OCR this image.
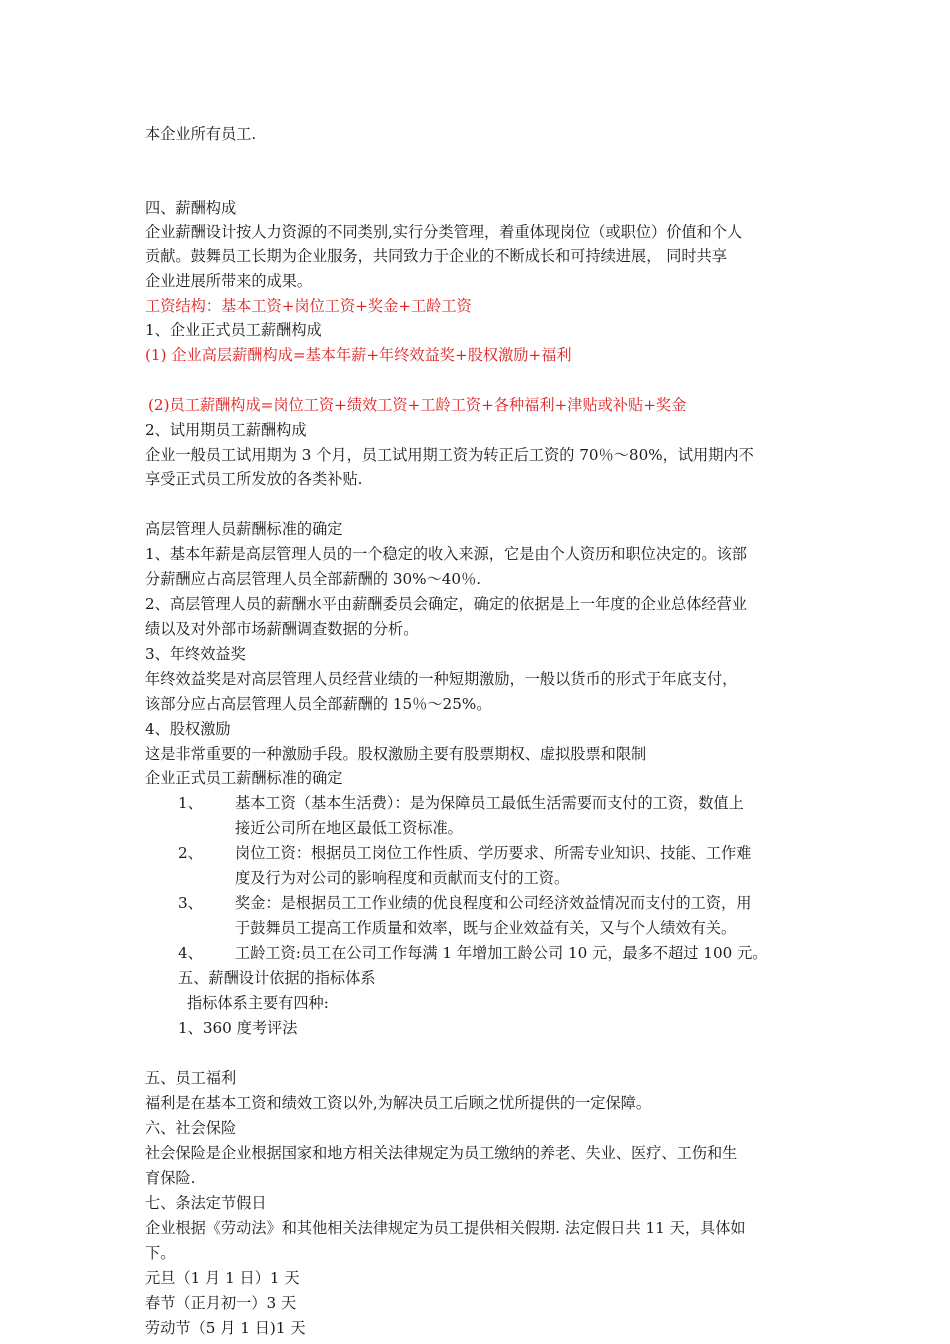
本企业所有员工.
四、薪酬构成
企业薪酬设计按人力资源的不同类别,实行分类管理，着重体现岗位（或职位）价值和个人
贡献。鼓舞员工长期为企业服务，共同致力于企业的不断成长和可持续进展， 同时共享
企业进展所带来的成果。
工资结构：基本工资+岗位工资+奖金+工龄工资
1、企业正式员工薪酬构成
(1) 企业高层薪酬构成=基本年薪+年终效益奖+股权激励+福利
(2)员工薪酬构成=岗位工资+绩效工资+工龄工资+各种福利+津贴或补贴+奖金
2、试用期员工薪酬构成
企业一般员工试用期为 3 个月，员工试用期工资为转正后工资的 70％～80%，试用期内不
享受正式员工所发放的各类补贴.
高层管理人员薪酬标准的确定
1、基本年薪是高层管理人员的一个稳定的收入来源，它是由个人资历和职位决定的。该部
分薪酬应占高层管理人员全部薪酬的 30%～40％.
2、高层管理人员的薪酬水平由薪酬委员会确定，确定的依据是上一年度的企业总体经营业
绩以及对外部市场薪酬调查数据的分析。
3、年终效益奖
年终效益奖是对高层管理人员经营业绩的一种短期激励，一般以货币的形式于年底支付，
该部分应占高层管理人员全部薪酬的 15％～25%。
4、股权激励
这是非常重要的一种激励手段。股权激励主要有股票期权、虚拟股票和限制
企业正式员工薪酬标准的确定
1、 基本工资（基本生活费）：是为保障员工最低生活需要而支付的工资，数值上
接近公司所在地区最低工资标准。
2、 岗位工资：根据员工岗位工作性质、学历要求、所需专业知识、技能、工作难
度及行为对公司的影响程度和贡献而支付的工资。
3、 奖金：是根据员工工作业绩的优良程度和公司经济效益情况而支付的工资，用
于鼓舞员工提高工作质量和效率，既与企业效益有关，又与个人绩效有关。
4、 工龄工资:员工在公司工作每满 1 年增加工龄公司 10 元，最多不超过 100 元。
五、薪酬设计依据的指标体系
指标体系主要有四种:
1、360 度考评法
五、员工福利
福利是在基本工资和绩效工资以外,为解决员工后顾之忧所提供的一定保障。
六、社会保险
社会保险是企业根据国家和地方相关法律规定为员工缴纳的养老、失业、医疗、工伤和生
育保险.
七、条法定节假日
企业根据《劳动法》和其他相关法律规定为员工提供相关假期. 法定假日共 11 天，具体如
下。
元旦（1 月 1 日）1 天
春节（正月初一）3 天
劳动节（5 月 1 日)1 天
